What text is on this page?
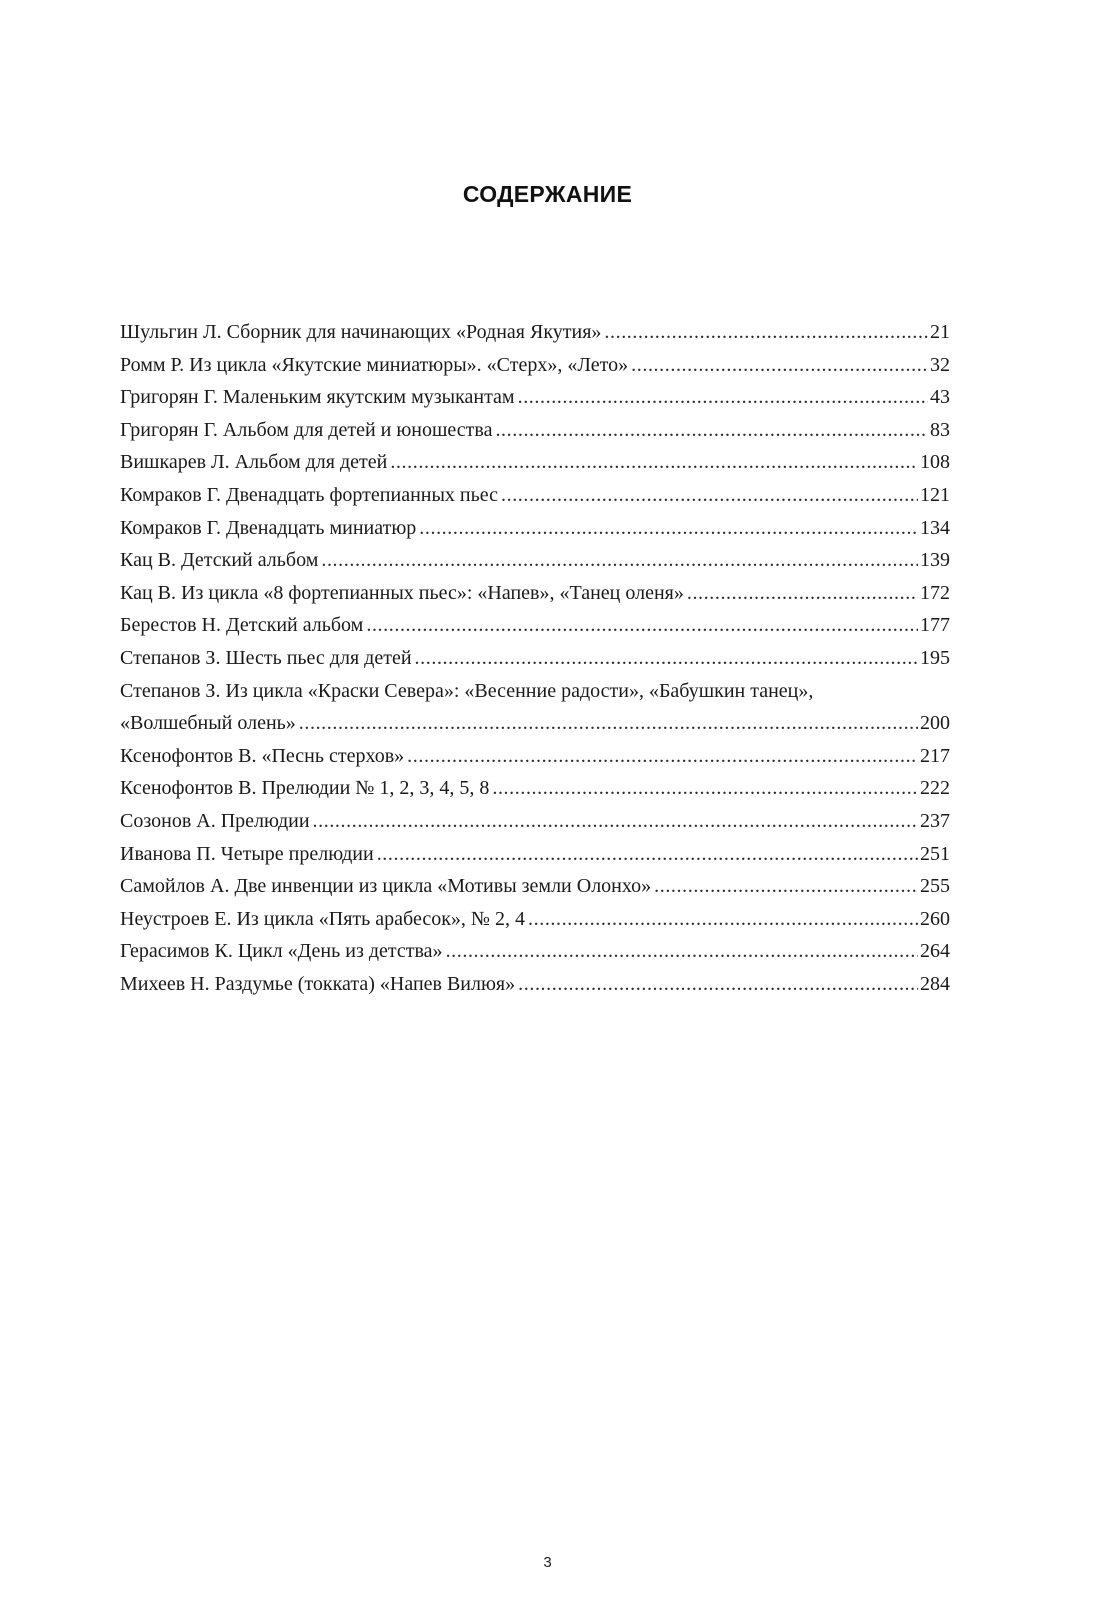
СОДЕРЖАНИЕ
Шульгин Л. Сборник для начинающих «Родная Якутия» .....	21
Ромм Р. Из цикла «Якутские миниатюры». «Стерх», «Лето» .....	32
Григорян Г. Маленьким якутским музыкантам .....	43
Григорян Г. Альбом для детей и юношества .....	83
Вишкарев Л. Альбом для детей .....	108
Комраков Г. Двенадцать фортепианных пьес .....	121
Комраков Г. Двенадцать миниатюр .....	134
Кац В. Детский альбом .....	139
Кац В. Из цикла «8 фортепианных пьес»: «Напев», «Танец оленя» .....	172
Берестов Н. Детский альбом .....	177
Степанов З. Шесть пьес для детей .....	195
Степанов З. Из цикла «Краски Севера»: «Весенние радости», «Бабушкин танец»,
«Волшебный олень» .....	200
Ксенофонтов В. «Песнь стерхов» .....	217
Ксенофонтов В. Прелюдии № 1, 2, 3, 4, 5, 8 .....	222
Созонов А. Прелюдии .....	237
Иванова П. Четыре прелюдии .....	251
Самойлов А. Две инвенции из цикла «Мотивы земли Олонхо» .....	255
Неустроев Е. Из цикла «Пять арабесок», № 2, 4 .....	260
Герасимов К. Цикл «День из детства» .....	264
Михеев Н. Раздумье (токката) «Напев Вилюя» .....	284
3
